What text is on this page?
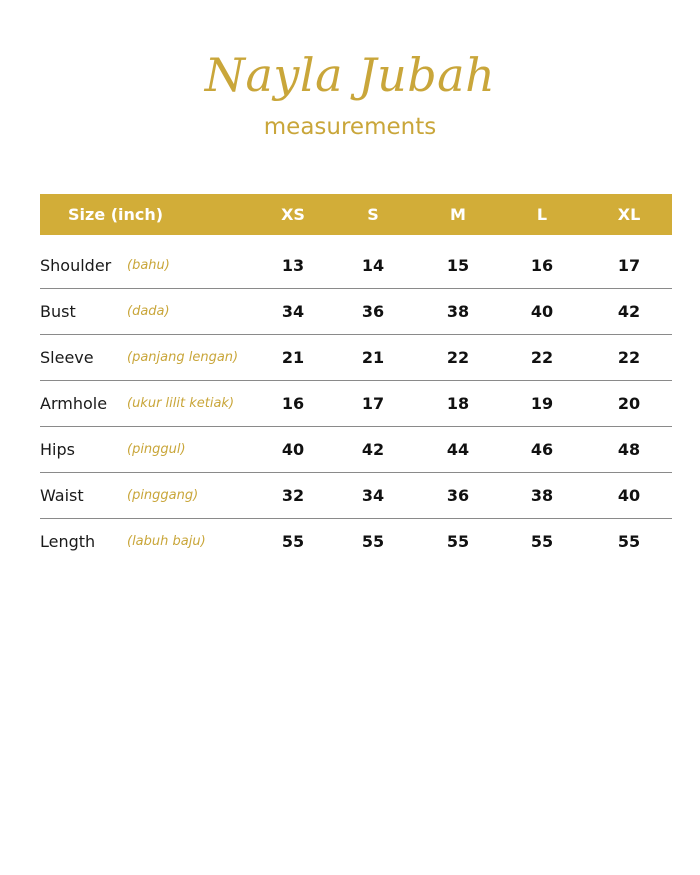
Nayla Jubah
measurements
Size (inch)	XS	S	M	L	XL
Shoulder (bahu)	13	14	15	16	17
Bust	(dada)	34	36	38	40	42
Sleeve	(panjang lengan)	21	21	22	22	22
Armhole (ukur lilit ketiak)	16	17	18	19	20
Hips	(pinggul)	40	42	44	46	48
Waist	(pinggang)	32	34	36	38	40
Length (labuh baju)	55	55	55	55	55
